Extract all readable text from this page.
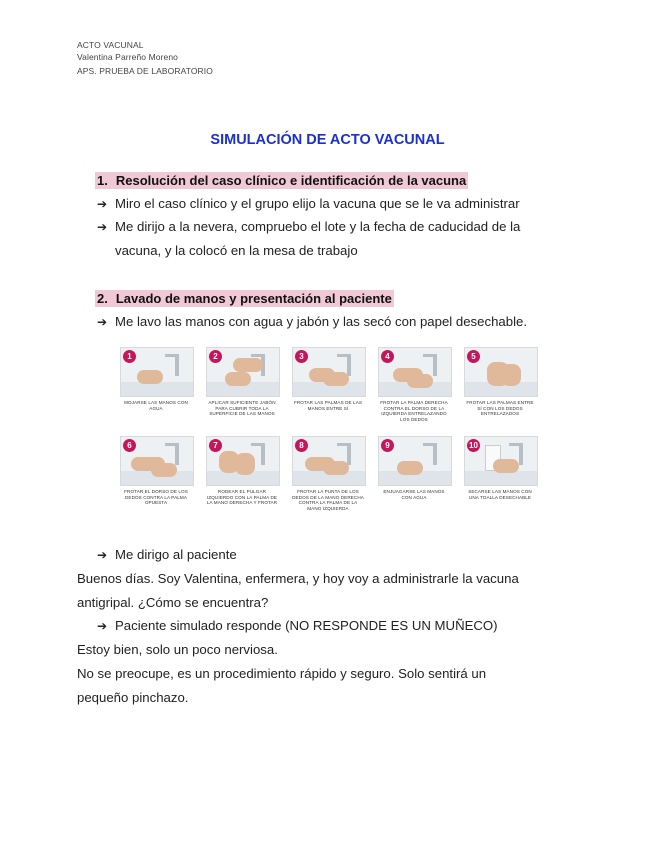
ACTO VACUNAL
Valentina Parreño Moreno
APS. PRUEBA DE LABORATORIO
SIMULACIÓN DE ACTO VACUNAL
1. Resolución del caso clínico e identificación de la vacuna
➔ Miro el caso clínico y el grupo elijo la vacuna que se le va administrar
➔ Me dirijo a la nevera, compruebo el lote y la fecha de caducidad de la
vacuna, y la colocó en la mesa de trabajo
2. Lavado de manos y presentación al paciente
➔ Me lavo las manos con agua y jabón y las secó con papel desechable.
1
MOJARSE LAS MANOS CON AGUA
2
APLICAR SUFICIENTE JABÓN PARA CUBRIR TODA LA SUPERFICIE DE LAS MANOS
3
FROTAR LAS PALMAS DE LAS MANOS ENTRE SÍ
4
FROTAR LA PALMA DERECHA CONTRA EL DORSO DE LA IZQUIERDA ENTRELAZANDO LOS DEDOS
5
FROTAR LAS PALMAS ENTRE SÍ CON LOS DEDOS ENTRELAZADOS
6
FROTAR EL DORSO DE LOS DEDOS CONTRA LA PALMA OPUESTA
7
RODEAR EL PULGAR IZQUIERDO CON LA PALMA DE LA MANO DERECHA Y FROTAR
8
FROTAR LA PUNTA DE LOS DEDOS DE LA MANO DERECHA CONTRA LA PALMA DE LA MANO IZQUIERDA
9
ENJUAGARSE LAS MANOS CON AGUA
10
SECARSE LAS MANOS CON UNA TOALLA DESECHABLE
➔ Me dirigo al paciente
Buenos días. Soy Valentina, enfermera, y hoy voy a administrarle la vacuna
antigripal. ¿Cómo se encuentra?
➔ Paciente simulado responde (NO RESPONDE ES UN MUÑECO)
Estoy bien, solo un poco nerviosa.
No se preocupe, es un procedimiento rápido y seguro. Solo sentirá un
pequeño pinchazo.
